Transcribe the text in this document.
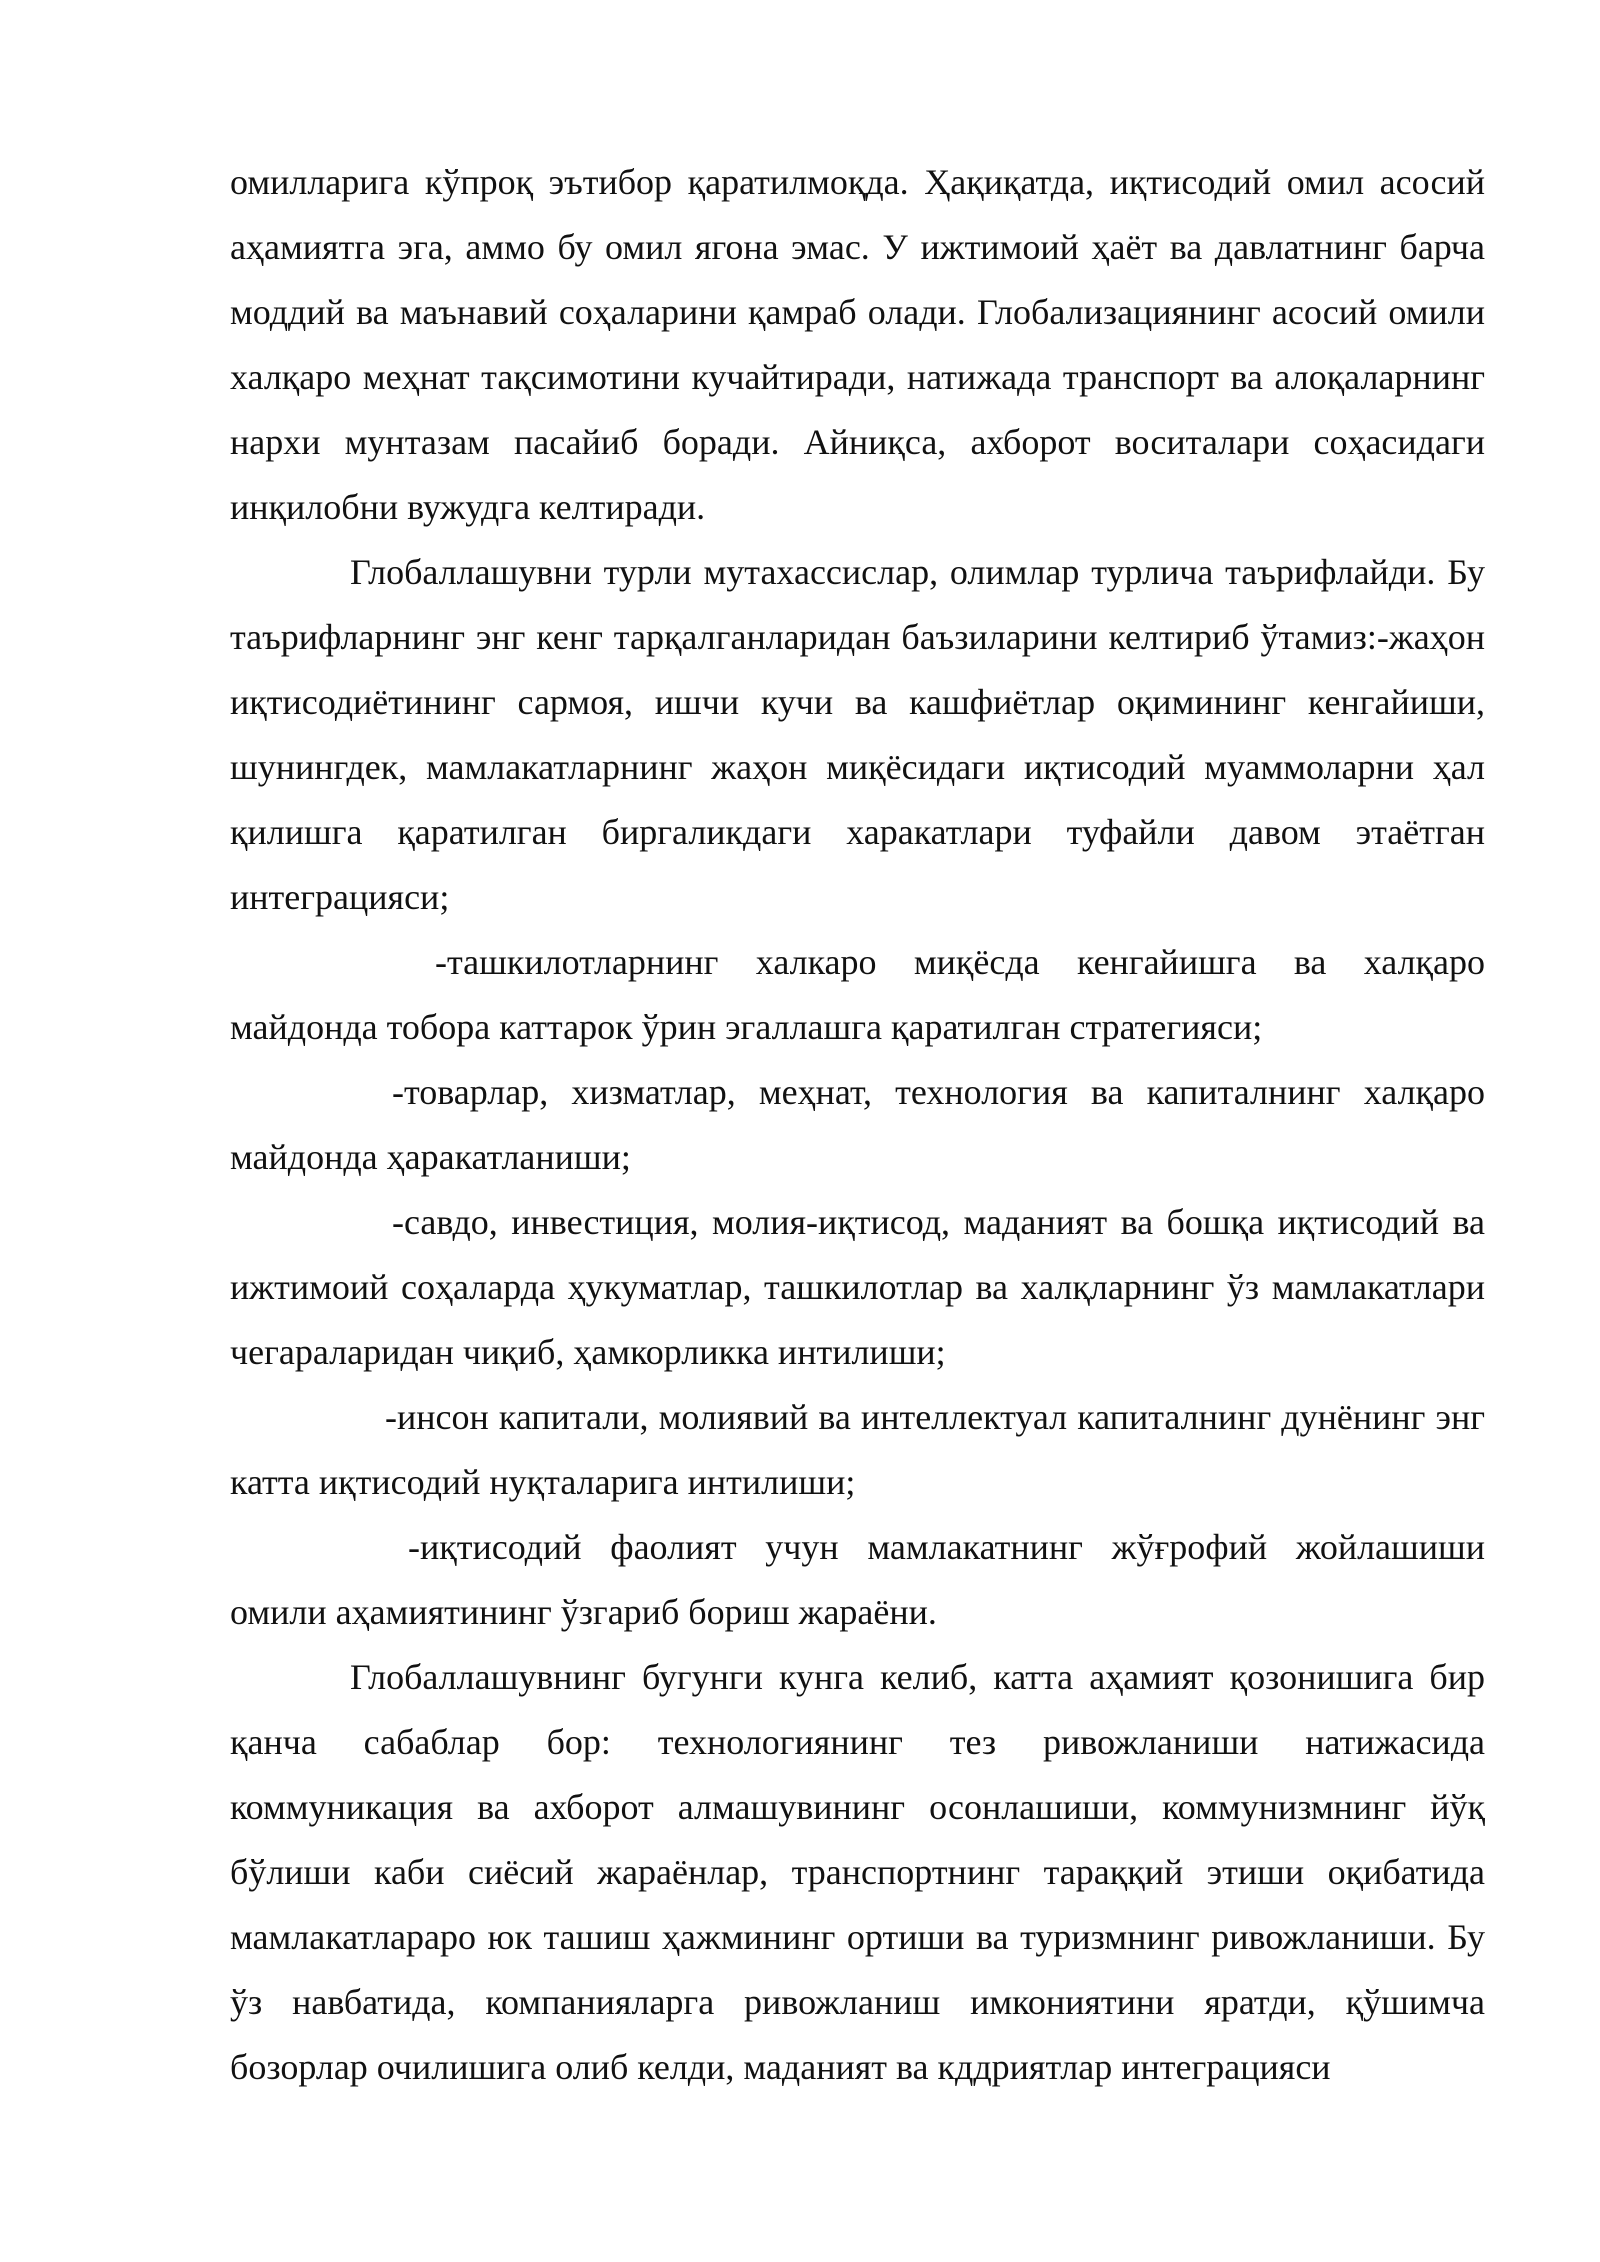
омилларига кўпроқ эътибор қаратилмоқда. Ҳақиқатда, иқтисодий омил асосий аҳамиятга эга, аммо бу омил ягона эмас. У ижтимоий ҳаёт ва давлатнинг барча моддий ва маънавий соҳаларини қамраб олади. Глобализациянинг асосий омили халқаро меҳнат тақсимотини кучайтиради, натижада транспорт ва алоқаларнинг нархи мунтазам пасайиб боради. Айниқса, ахборот воситалари соҳасидаги инқилобни вужудга келтиради.

Глобаллашувни турли мутахассислар, олимлар турлича таърифлайди. Бу таърифларнинг энг кенг тарқалганларидан баъзиларини келтириб ўтамиз:-жаҳон иқтисодиётининг сармоя, ишчи кучи ва кашфиётлар оқимининг кенгайиши, шунингдек, мамлакатларнинг жаҳон миқёсидаги иқтисодий муаммоларни ҳал қилишга қаратилган биргаликдаги харакатлари туфайли давом этаётган интеграцияси;

-ташкилотларнинг халкаро миқёсда кенгайишга ва халқаро майдонда тобора каттарок ўрин эгаллашга қаратилган стратегияси;

-товарлар, хизматлар, меҳнат, технология ва капиталнинг халқаро майдонда ҳаракатланиши;

-савдо, инвестиция, молия-иқтисод, маданият ва бошқа иқтисодий ва ижтимоий соҳаларда ҳукуматлар, ташкилотлар ва халқларнинг ўз мамлакатлари чегараларидан чиқиб, ҳамкорликка интилиши;

-инсон капитали, молиявий ва интеллектуал капиталнинг дунёнинг энг катта иқтисодий нуқталарига интилиши;

-иқтисодий фаолият учун мамлакатнинг жўғрофий жойлашиши омили аҳамиятининг ўзгариб бориш жараёни.

Глобаллашувнинг бугунги кунга келиб, катта аҳамият қозонишига бир қанча сабаблар бор: технологиянинг тез ривожланиши натижасида коммуникация ва ахборот алмашувининг осонлашиши, коммунизмнинг йўқ бўлиши каби сиёсий жараёнлар, транспортнинг тараққий этиши оқибатида мамлакатлараро юк ташиш ҳажмининг ортиши ва туризмнинг ривожланиши. Бу ўз навбатида, компанияларга ривожланиш имкониятини яратди, қўшимча бозорлар очилишига олиб келди, маданият ва кддриятлар интеграцияси
